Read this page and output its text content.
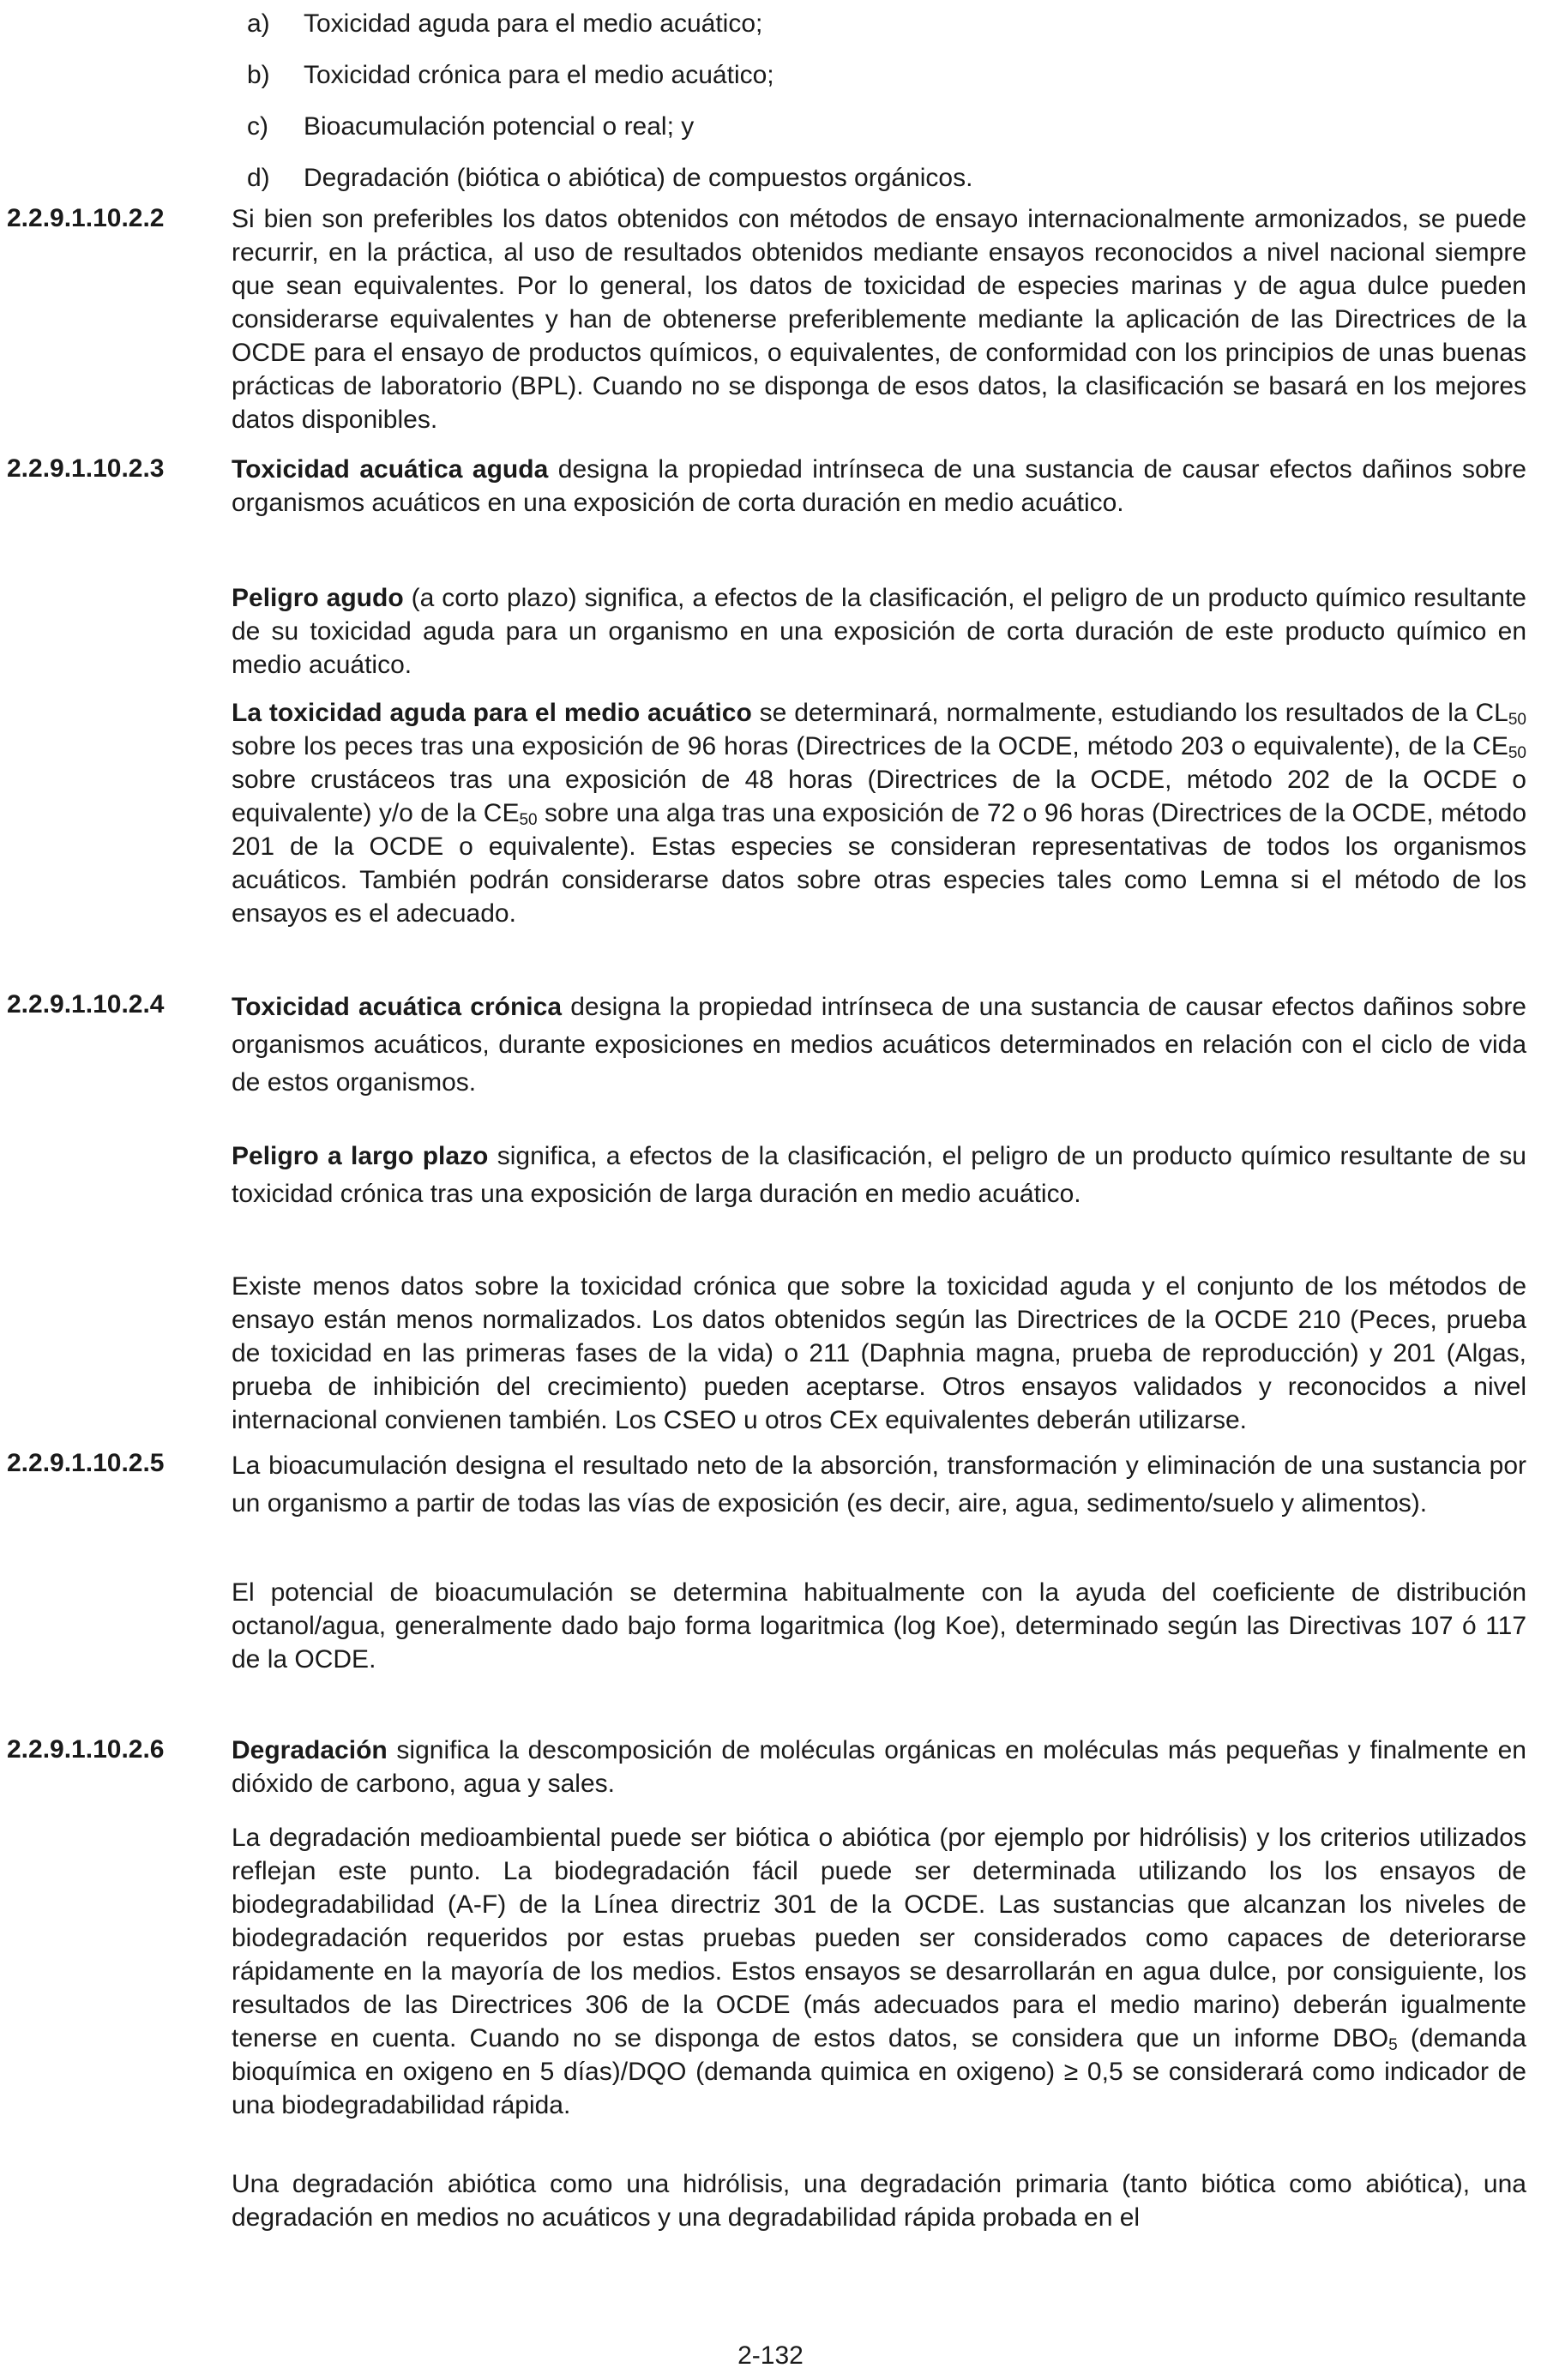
a)	Toxicidad aguda para el medio acuático;
b)	Toxicidad crónica para el medio acuático;
c)	Bioacumulación potencial o real; y
d)	Degradación (biótica o abiótica) de compuestos orgánicos.
2.2.9.1.10.2.2	Si bien son preferibles los datos obtenidos con métodos de ensayo internacionalmente armonizados, se puede recurrir, en la práctica, al uso de resultados obtenidos mediante ensayos reconocidos a nivel nacional siempre que sean equivalentes. Por lo general, los datos de toxicidad de especies marinas y de agua dulce pueden considerarse equivalentes y han de obtenerse preferiblemente mediante la aplicación de las Directrices de la OCDE para el ensayo de productos químicos, o equivalentes, de conformidad con los principios de unas buenas prácticas de laboratorio (BPL). Cuando no se disponga de esos datos, la clasificación se basará en los mejores datos disponibles.

2.2.9.1.10.2.3	Toxicidad acuática aguda designa la propiedad intrínseca de una sustancia de causar efectos dañinos sobre organismos acuáticos en una exposición de corta duración en medio acuático.

Peligro agudo (a corto plazo) significa, a efectos de la clasificación, el peligro de un producto químico resultante de su toxicidad aguda para un organismo en una exposición de corta duración de este producto químico en medio acuático.

La toxicidad aguda para el medio acuático se determinará, normalmente, estudiando los resultados de la $CL_{50}$ sobre los peces tras una exposición de 96 horas (Directrices de la OCDE, método 203 o equivalente), de la $CE_{50}$ sobre crustáceos tras una exposición de 48 horas (Directrices de la OCDE, método 202 de la OCDE o equivalente) y/o de la $CE_{50}$ sobre una alga tras una exposición de 72 o 96 horas (Directrices de la OCDE, método 201 de la OCDE o equivalente). Estas especies se consideran representativas de todos los organismos acuáticos. También podrán considerarse datos sobre otras especies tales como Lemna si el método de los ensayos es el adecuado.

2.2.9.1.10.2.4	Toxicidad acuática crónica designa la propiedad intrínseca de una sustancia de causar efectos dañinos sobre organismos acuáticos, durante exposiciones en medios acuáticos determinados en relación con el ciclo de vida de estos organismos.

Peligro a largo plazo significa, a efectos de la clasificación, el peligro de un producto químico resultante de su toxicidad crónica tras una exposición de larga duración en medio acuático.

Existe menos datos sobre la toxicidad crónica que sobre la toxicidad aguda y el conjunto de los métodos de ensayo están menos normalizados. Los datos obtenidos según las Directrices de la OCDE 210 (Peces, prueba de toxicidad en las primeras fases de la vida) o 211 (Daphnia magna, prueba de reproducción) y 201 (Algas, prueba de inhibición del crecimiento) pueden aceptarse. Otros ensayos validados y reconocidos a nivel internacional convienen también. Los CSEO u otros CEx equivalentes deberán utilizarse.

2.2.9.1.10.2.5	La bioacumulación designa el resultado neto de la absorción, transformación y eliminación de una sustancia por un organismo a partir de todas las vías de exposición (es decir, aire, agua, sedimento/suelo y alimentos).

El potencial de bioacumulación se determina habitualmente con la ayuda del coeficiente de distribución octanol/agua, generalmente dado bajo forma logaritmica (log Koe), determinado según las Directivas 107 ó 117 de la OCDE.

2.2.9.1.10.2.6	Degradación significa la descomposición de moléculas orgánicas en moléculas más pequeñas y finalmente en dióxido de carbono, agua y sales.

La degradación medioambiental puede ser biótica o abiótica (por ejemplo por hidrólisis) y los criterios utilizados reflejan este punto. La biodegradación fácil puede ser determinada utilizando los los ensayos de biodegradabilidad (A-F) de la Línea directriz 301 de la OCDE. Las sustancias que alcanzan los niveles de biodegradación requeridos por estas pruebas pueden ser considerados como capaces de deteriorarse rápidamente en la mayoría de los medios. Estos ensayos se desarrollarán en agua dulce, por consiguiente, los resultados de las Directrices 306 de la OCDE (más adecuados para el medio marino) deberán igualmente tenerse en cuenta. Cuando no se disponga de estos datos, se considera que un informe $DBO_5$ (demanda bioquímica en oxigeno en 5 días)/DQO (demanda quimica en oxigeno) ≥ 0,5 se considerará como indicador de una biodegradabilidad rápida.

Una degradación abiótica como una hidrólisis, una degradación primaria (tanto biótica como abiótica), una degradación en medios no acuáticos y una degradabilidad rápida probada en el

2-132
